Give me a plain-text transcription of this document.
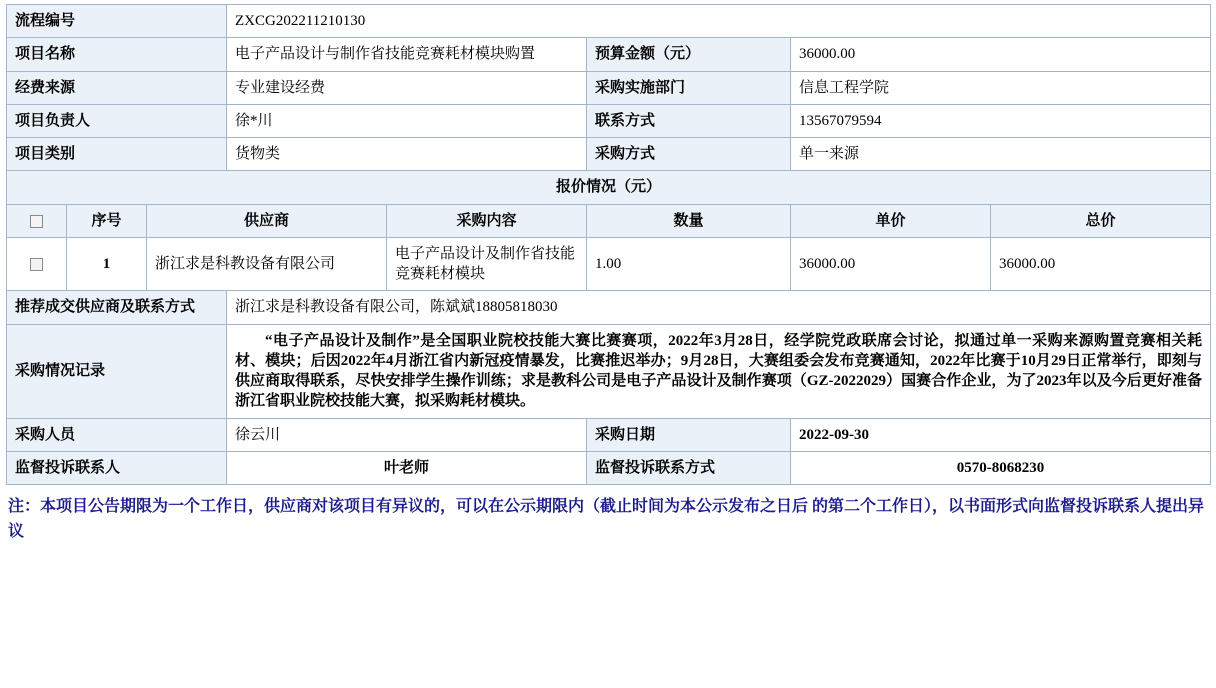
流程编号			ZXCG202211210130				
项目名称			电子产品设计与制作省技能竞赛耗材模块购置		预算金额（元）	36000.00	
经费来源			专业建设经费		采购实施部门	信息工程学院	
项目负责人			徐*川		联系方式	13567079594	
项目类别			货物类		采购方式	单一来源	
报价情况（元）							
	序号	供应商		采购内容	数量	单价	总价
	1	浙江求是科教设备有限公司		电子产品设计及制作省技能竞赛耗材模块	1.00	36000.00	36000.00
推荐成交供应商及联系方式			浙江求是科教设备有限公司，陈斌斌18805818030				
采购情况记录			“电子产品设计及制作”是全国职业院校技能大赛比赛赛项，2022年3月28日，经学院党政联席会讨论，拟通过单一采购来源购置竞赛相关耗材、模块；后因2022年4月浙江省内新冠疫情暴发，比赛推迟举办；9月28日，大赛组委会发布竞赛通知，2022年比赛于10月29日正常举行，即刻与供应商取得联系，尽快安排学生操作训练；求是教科公司是电子产品设计及制作赛项（GZ-2022029）国赛合作企业，为了2023年以及今后更好准备浙江省职业院校技能大赛，拟采购耗材模块。				

采购人员			徐云川		采购日期	2022-09-30	
监督投诉联系人			叶老师		监督投诉联系方式	0570-8068230	
注：本项目公告期限为一个工作日，供应商对该项目有异议的，可以在公示期限内（截止时间为本公示发布之日后 的第二个工作日），以书面形式向监督投诉联系人提出异议
